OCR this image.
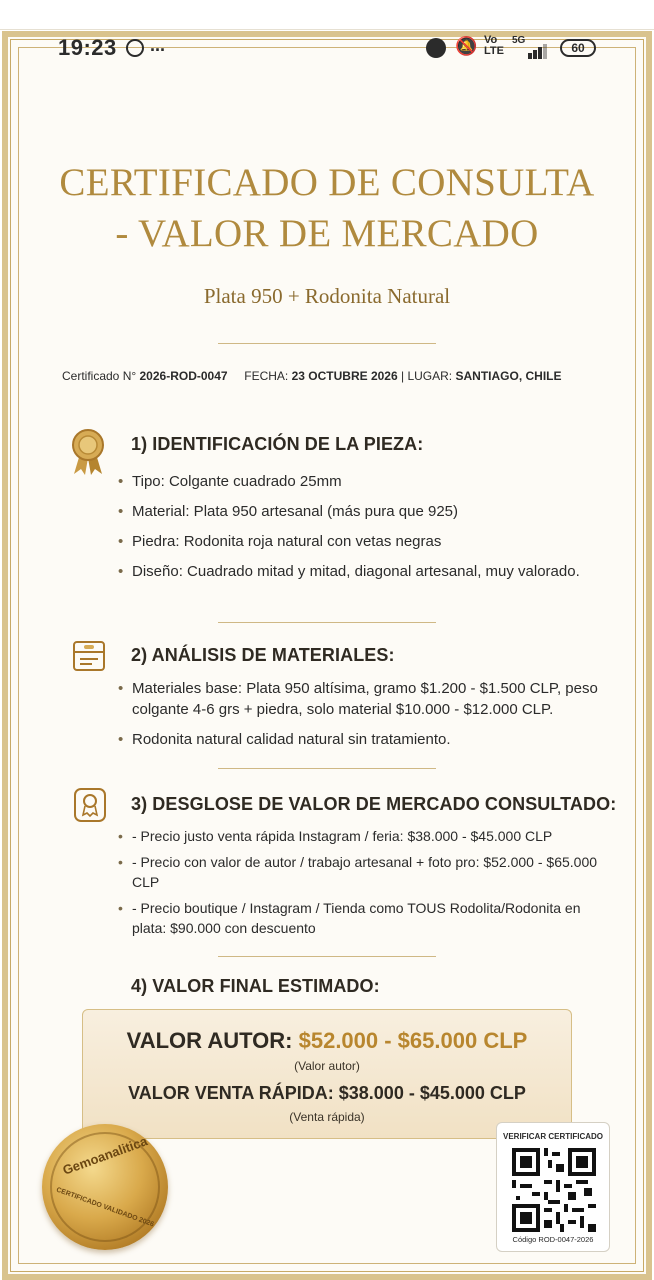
19:23 ...	🔕 Vo
LTE
5G
60
CERTIFICADO DE CONSULTA
- VALOR DE MERCADO
Plata 950 + Rodonita Natural
Certificado N° 2026-ROD-0047 FECHA: 23 OCTUBRE 2026 | LUGAR: SANTIAGO, CHILE
1) IDENTIFICACIÓN DE LA PIEZA:
• Tipo: Colgante cuadrado 25mm
• Material: Plata 950 artesanal (más pura que 925)
• Piedra: Rodonita roja natural con vetas negras
• Diseño: Cuadrado mitad y mitad, diagonal artesanal, muy valorado.
2) ANÁLISIS DE MATERIALES:
• Materiales base: Plata 950 altísima, gramo $1.200 - $1.500 CLP, peso colgante 4-6 grs + piedra, solo material $10.000 - $12.000 CLP.
• Rodonita natural calidad natural sin tratamiento.
3) DESGLOSE DE VALOR DE MERCADO CONSULTADO:
• - Precio justo venta rápida Instagram / feria: $38.000 - $45.000 CLP
• - Precio con valor de autor / trabajo artesanal + foto pro: $52.000 - $65.000 CLP
• - Precio boutique / Instagram / Tienda como TOUS Rodolita/Rodonita en plata: $90.000 con descuento
4) VALOR FINAL ESTIMADO:
VALOR AUTOR: $52.000 - $65.000 CLP
(Valor autor)
VALOR VENTA RÁPIDA: $38.000 - $45.000 CLP
(Venta rápida)
Gemoanalitica
CERTIFICADO VALIDADO 2026
VERIFICAR CERTIFICADO
Código ROD-0047-2026
